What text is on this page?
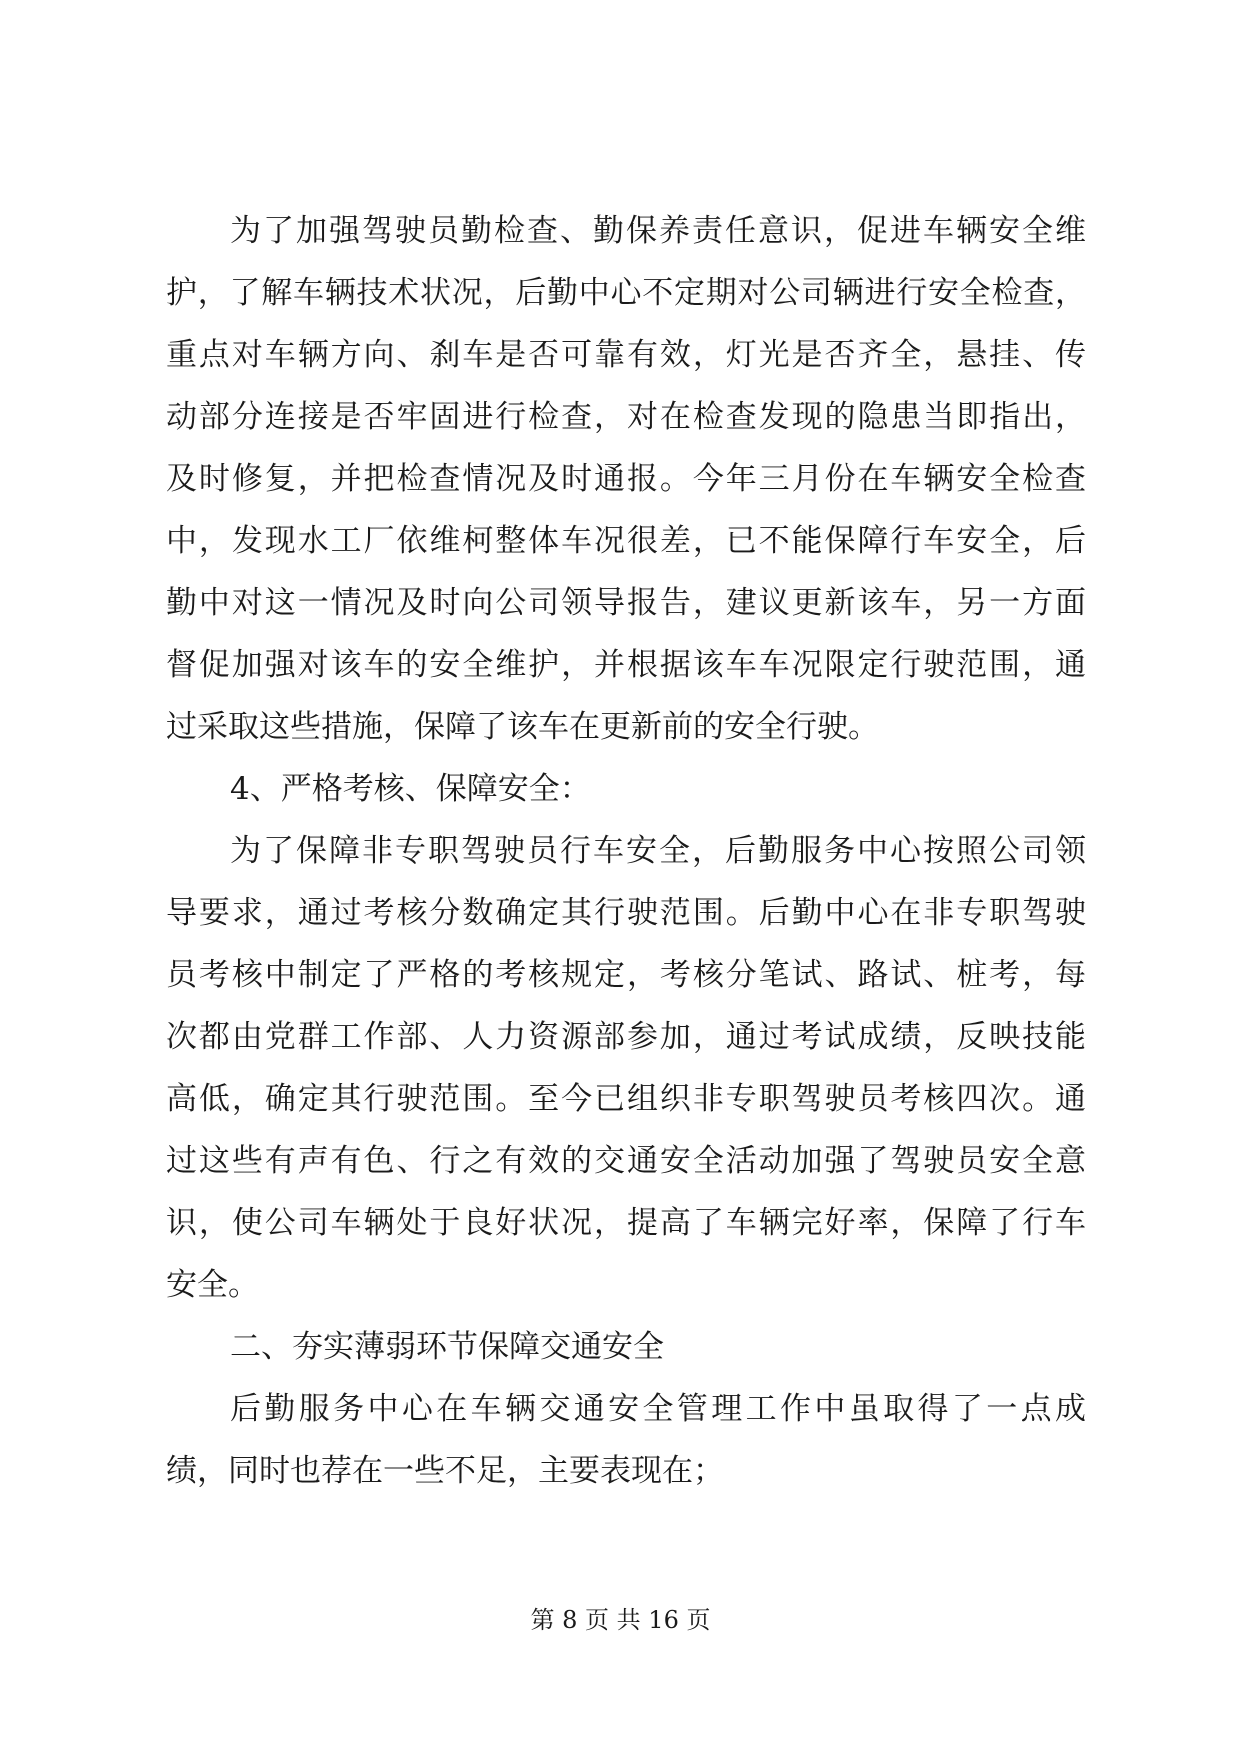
为了加强驾驶员勤检查、勤保养责任意识，促进车辆安全维
护，了解车辆技术状况，后勤中心不定期对公司辆进行安全检查，
重点对车辆方向、刹车是否可靠有效，灯光是否齐全，悬挂、传
动部分连接是否牢固进行检查，对在检查发现的隐患当即指出，
及时修复，并把检查情况及时通报。今年三月份在车辆安全检查
中，发现水工厂依维柯整体车况很差，已不能保障行车安全，后
勤中对这一情况及时向公司领导报告，建议更新该车，另一方面
督促加强对该车的安全维护，并根据该车车况限定行驶范围，通
过采取这些措施，保障了该车在更新前的安全行驶。
4、严格考核、保障安全：
为了保障非专职驾驶员行车安全，后勤服务中心按照公司领
导要求，通过考核分数确定其行驶范围。后勤中心在非专职驾驶
员考核中制定了严格的考核规定，考核分笔试、路试、桩考，每
次都由党群工作部、人力资源部参加，通过考试成绩，反映技能
高低，确定其行驶范围。至今已组织非专职驾驶员考核四次。通
过这些有声有色、行之有效的交通安全活动加强了驾驶员安全意
识，使公司车辆处于良好状况，提高了车辆完好率，保障了行车
安全。
二、夯实薄弱环节保障交通安全
后勤服务中心在车辆交通安全管理工作中虽取得了一点成
绩，同时也荐在一些不足，主要表现在；
第 8 页 共 16 页
